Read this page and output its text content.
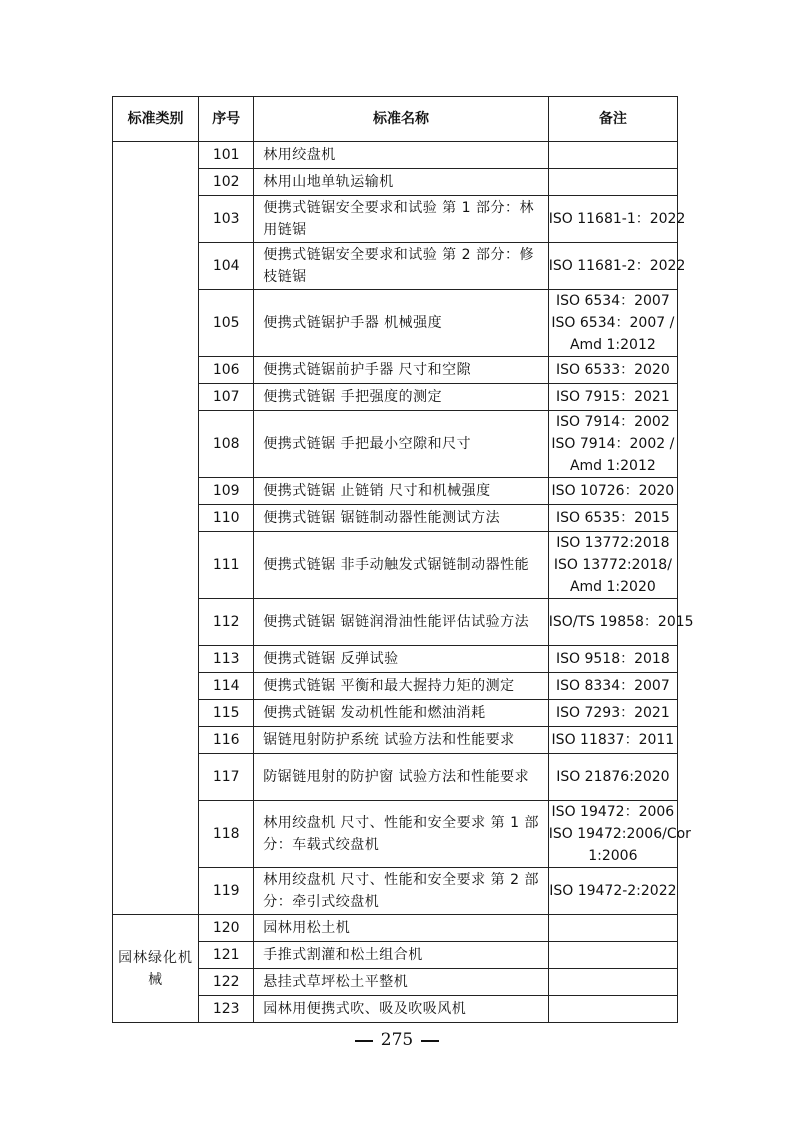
标准类别	序号	标准名称	备注
	101	林用绞盘机	
	102	林用山地单轨运输机	
	103	便携式链锯安全要求和试验 第 1 部分：林用链锯	ISO 11681-1：2022

	104	便携式链锯安全要求和试验 第 2 部分：修枝链锯	ISO 11681-2：2022

	105	便携式链锯护手器 机械强度	ISO 6534：2007
ISO 6534：2007 /
Amd 1:2012

	106	便携式链锯前护手器 尺寸和空隙	ISO 6533：2020

	107	便携式链锯 手把强度的测定	ISO 7915：2021

	108	便携式链锯 手把最小空隙和尺寸	ISO 7914：2002
ISO 7914：2002 /
Amd 1:2012

	109	便携式链锯 止链销 尺寸和机械强度	ISO 10726：2020

	110	便携式链锯 锯链制动器性能测试方法	ISO 6535：2015

	111	便携式链锯 非手动触发式锯链制动器性能	ISO 13772:2018
ISO 13772:2018/
Amd 1:2020

	112	便携式链锯 锯链润滑油性能评估试验方法	ISO/TS 19858：2015

	113	便携式链锯 反弹试验	ISO 9518：2018

	114	便携式链锯 平衡和最大握持力矩的测定	ISO 8334：2007

	115	便携式链锯 发动机性能和燃油消耗	ISO 7293：2021

	116	锯链甩射防护系统 试验方法和性能要求	ISO 11837：2011

	117	防锯链甩射的防护窗 试验方法和性能要求	ISO 21876:2020

	118	林用绞盘机 尺寸、性能和安全要求 第 1 部分：车载式绞盘机	ISO 19472：2006
ISO 19472:2006/Cor
1:2006

	119	林用绞盘机 尺寸、性能和安全要求 第 2 部分：牵引式绞盘机	ISO 19472-2:2022

园林绿化机械	120	园林用松土机	
	121	手推式割灌和松土组合机	
	122	悬挂式草坪松土平整机	
	123	园林用便携式吹、吸及吹吸风机	
275
